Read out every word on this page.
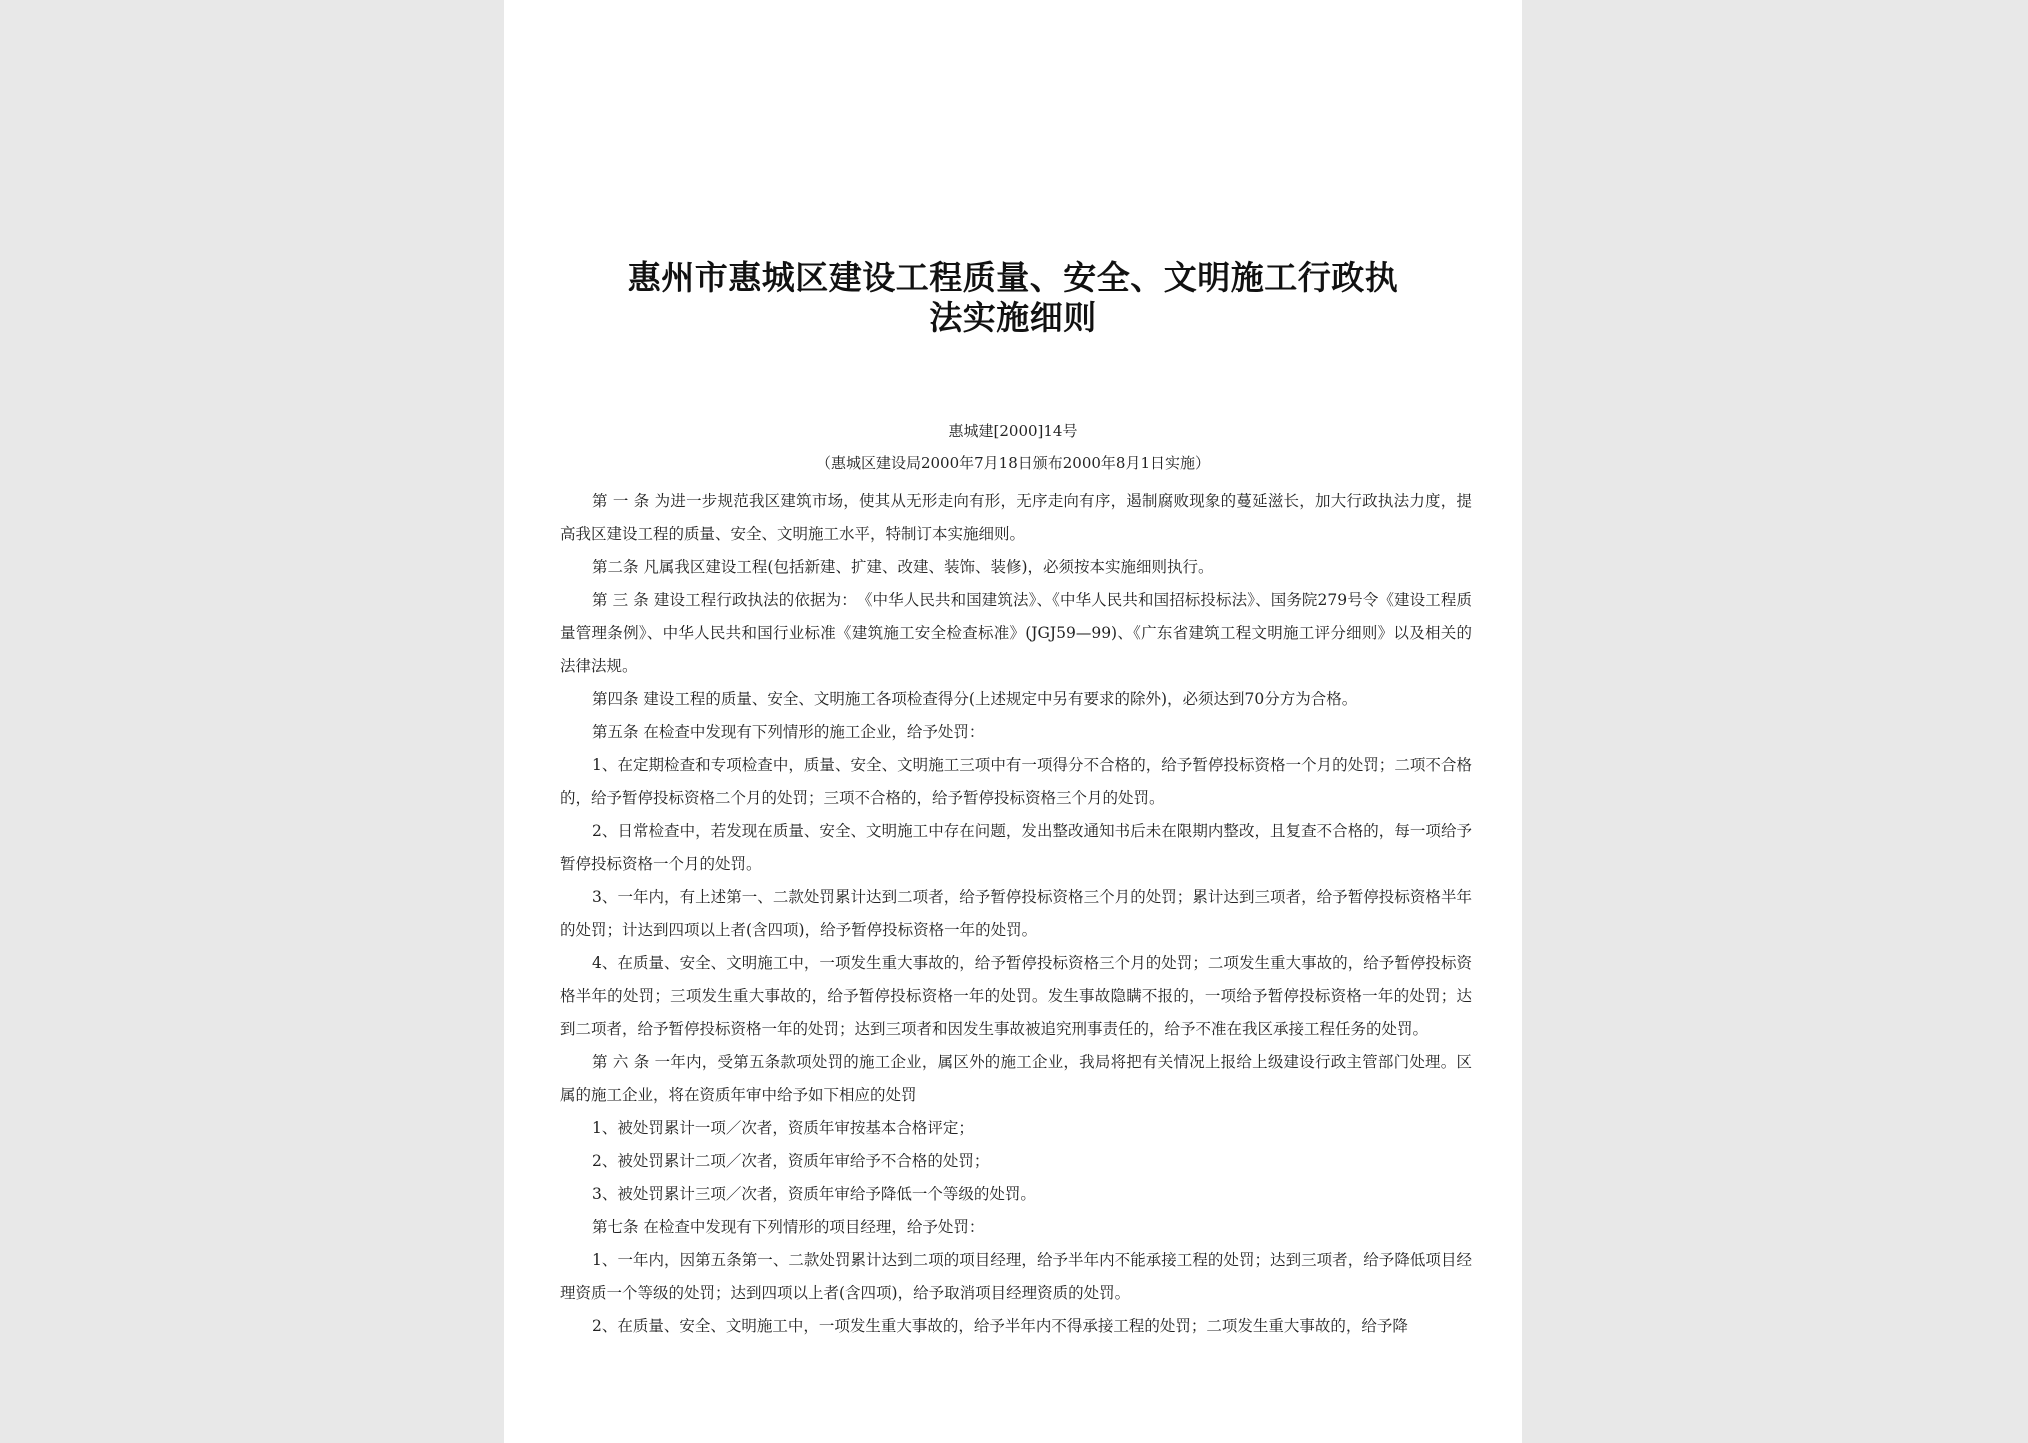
惠州市惠城区建设工程质量、安全、文明施工行政执
法实施细则
惠城建[2000]14号
（惠城区建设局2000年7月18日颁布2000年8月1日实施）

第 一 条 为进一步规范我区建筑市场，使其从无形走向有形，无序走向有序，遏制腐败现象的蔓延滋长，加大行政执法力度，提高我区建设工程的质量、安全、文明施工水平，特制订本实施细则。

第二条 凡属我区建设工程(包括新建、扩建、改建、装饰、装修)，必须按本实施细则执行。

第 三 条 建设工程行政执法的依据为：　《中华人民共和国建筑法》、《中华人民共和国招标投标法》、国务院279号令《建设工程质量管理条例》、中华人民共和国行业标准《建筑施工安全检查标准》(JGJ59—99)、《广东省建筑工程文明施工评分细则》以及相关的法律法规。

第四条 建设工程的质量、安全、文明施工各项检查得分(上述规定中另有要求的除外)，必须达到70分方为合格。

第五条 在检查中发现有下列情形的施工企业，给予处罚：

1、在定期检查和专项检查中，质量、安全、文明施工三项中有一项得分不合格的，给予暂停投标资格一个月的处罚；二项不合格的，给予暂停投标资格二个月的处罚；三项不合格的，给予暂停投标资格三个月的处罚。

2、日常检查中，若发现在质量、安全、文明施工中存在问题，发出整改通知书后未在限期内整改，且复查不合格的，每一项给予暂停投标资格一个月的处罚。

3、一年内，有上述第一、二款处罚累计达到二项者，给予暂停投标资格三个月的处罚；累计达到三项者，给予暂停投标资格半年的处罚；计达到四项以上者(含四项)，给予暂停投标资格一年的处罚。

4、在质量、安全、文明施工中，一项发生重大事故的，给予暂停投标资格三个月的处罚；二项发生重大事故的，给予暂停投标资格半年的处罚；三项发生重大事故的，给予暂停投标资格一年的处罚。发生事故隐瞒不报的，一项给予暂停投标资格一年的处罚；达到二项者，给予暂停投标资格一年的处罚；达到三项者和因发生事故被追究刑事责任的，给予不准在我区承接工程任务的处罚。

第 六 条 一年内，受第五条款项处罚的施工企业，属区外的施工企业，我局将把有关情况上报给上级建设行政主管部门处理。区属的施工企业，将在资质年审中给予如下相应的处罚

1、被处罚累计一项／次者，资质年审按基本合格评定；

2、被处罚累计二项／次者，资质年审给予不合格的处罚；

3、被处罚累计三项／次者，资质年审给予降低一个等级的处罚。

第七条 在检查中发现有下列情形的项目经理，给予处罚：

1、一年内，因第五条第一、二款处罚累计达到二项的项目经理，给予半年内不能承接工程的处罚；达到三项者，给予降低项目经理资质一个等级的处罚；达到四项以上者(含四项)，给予取消项目经理资质的处罚。

2、在质量、安全、文明施工中，一项发生重大事故的，给予半年内不得承接工程的处罚；二项发生重大事故的，给予降
